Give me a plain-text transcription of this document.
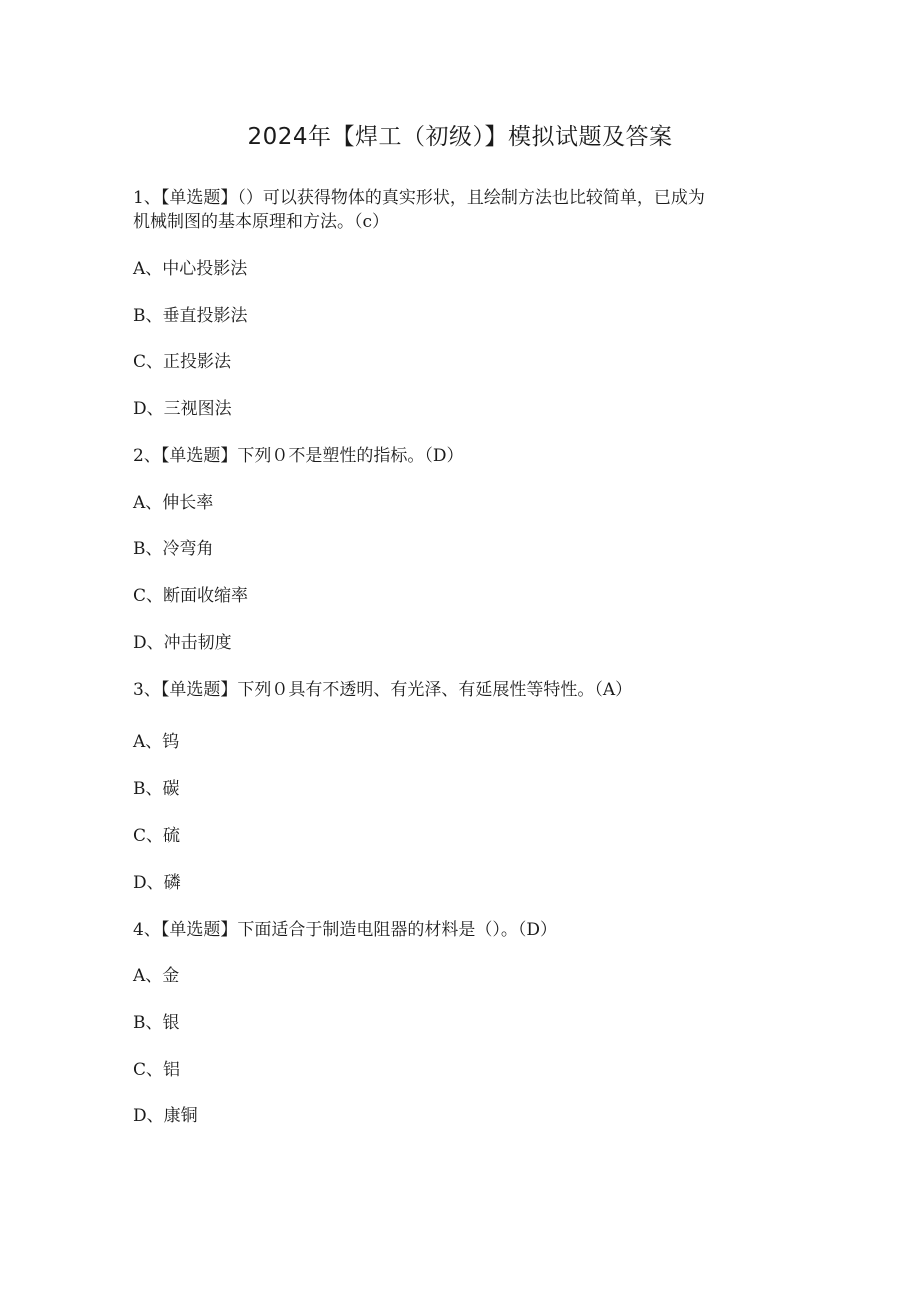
2024年【焊工（初级）】模拟试题及答案
1、【单选题】（）可以获得物体的真实形状，且绘制方法也比较简单，已成为
机械制图的基本原理和方法。（c）
A、中心投影法
B、垂直投影法
C、正投影法
D、三视图法
2、【单选题】下列０不是塑性的指标。（D）
A、伸长率
B、冷弯角
C、断面收缩率
D、冲击韧度
3、【单选题】下列０具有不透明、有光泽、有延展性等特性。（A）
A、钨
B、碳
C、硫
D、磷
4、【单选题】下面适合于制造电阻器的材料是（）。（D）
A、金
B、银
C、铝
D、康铜
